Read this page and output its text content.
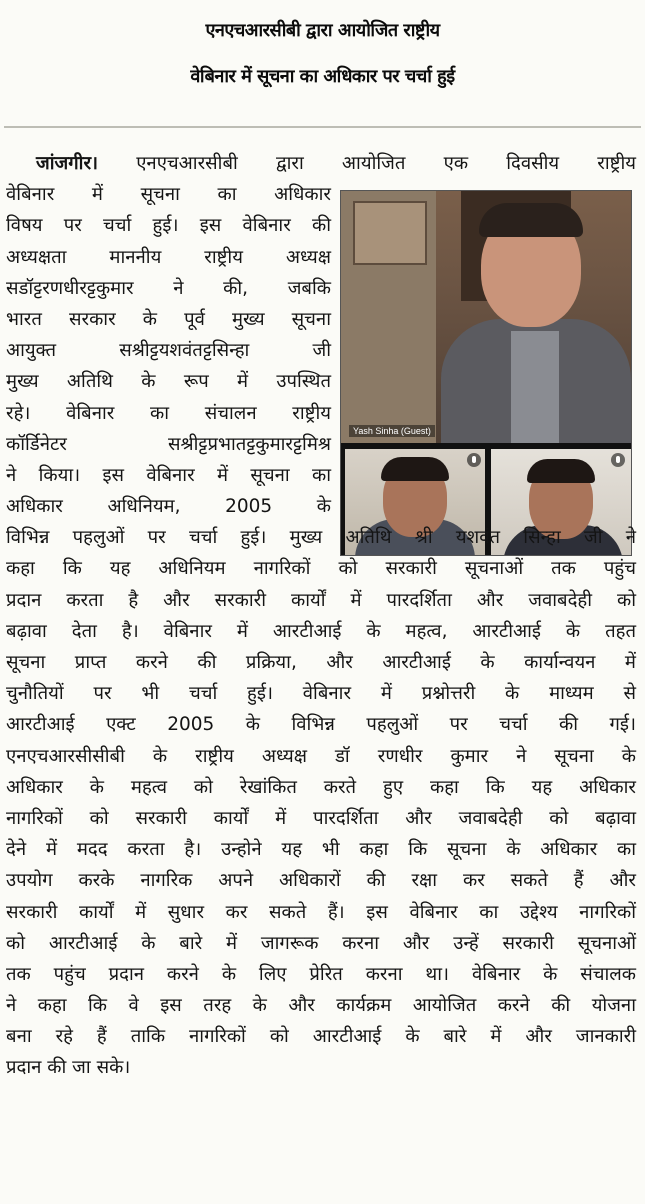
एनएचआरसीबी द्वारा आयोजित राष्ट्रीय
वेबिनार में सूचना का अधिकार पर चर्चा हुई
Yash Sinha (Guest)
जांजगीर। एनएचआरसीबी द्वारा आयोजित एक दिवसीय राष्ट्रीय
वेबिनार में सूचना का अधिकार
विषय पर चर्चा हुई। इस वेबिनार की
अध्यक्षता माननीय राष्ट्रीय अध्यक्ष
सडॉट्टरणधीरट्टकुमार ने की, जबकि
भारत सरकार के पूर्व मुख्य सूचना
आयुक्त सश्रीट्टयशवंतट्टसिन्हा जी
मुख्य अतिथि के रूप में उपस्थित
रहे। वेबिनार का संचालन राष्ट्रीय
कॉर्डिनेटर सश्रीट्टप्रभातट्टकुमारट्टमिश्र
ने किया। इस वेबिनार में सूचना का
अधिकार अधिनियम, 2005 के
विभिन्न पहलुओं पर चर्चा हुई। मुख्य अतिथि श्री यशवंत सिन्हा जी ने
कहा कि यह अधिनियम नागरिकों को सरकारी सूचनाओं तक पहुंच
प्रदान करता है और सरकारी कार्यों में पारदर्शिता और जवाबदेही को
बढ़ावा देता है। वेबिनार में आरटीआई के महत्व, आरटीआई के तहत
सूचना प्राप्त करने की प्रक्रिया, और आरटीआई के कार्यान्वयन में
चुनौतियों पर भी चर्चा हुई। वेबिनार में प्रश्नोत्तरी के माध्यम से
आरटीआई एक्ट 2005 के विभिन्न पहलुओं पर चर्चा की गई।
एनएचआरसीसीबी के राष्ट्रीय अध्यक्ष डॉ रणधीर कुमार ने सूचना के
अधिकार के महत्व को रेखांकित करते हुए कहा कि यह अधिकार
नागरिकों को सरकारी कार्यों में पारदर्शिता और जवाबदेही को बढ़ावा
देने में मदद करता है। उन्होने यह भी कहा कि सूचना के अधिकार का
उपयोग करके नागरिक अपने अधिकारों की रक्षा कर सकते हैं और
सरकारी कार्यों में सुधार कर सकते हैं। इस वेबिनार का उद्देश्य नागरिकों
को आरटीआई के बारे में जागरूक करना और उन्हें सरकारी सूचनाओं
तक पहुंच प्रदान करने के लिए प्रेरित करना था। वेबिनार के संचालक
ने कहा कि वे इस तरह के और कार्यक्रम आयोजित करने की योजना
बना रहे हैं ताकि नागरिकों को आरटीआई के बारे में और जानकारी
प्रदान की जा सके।
